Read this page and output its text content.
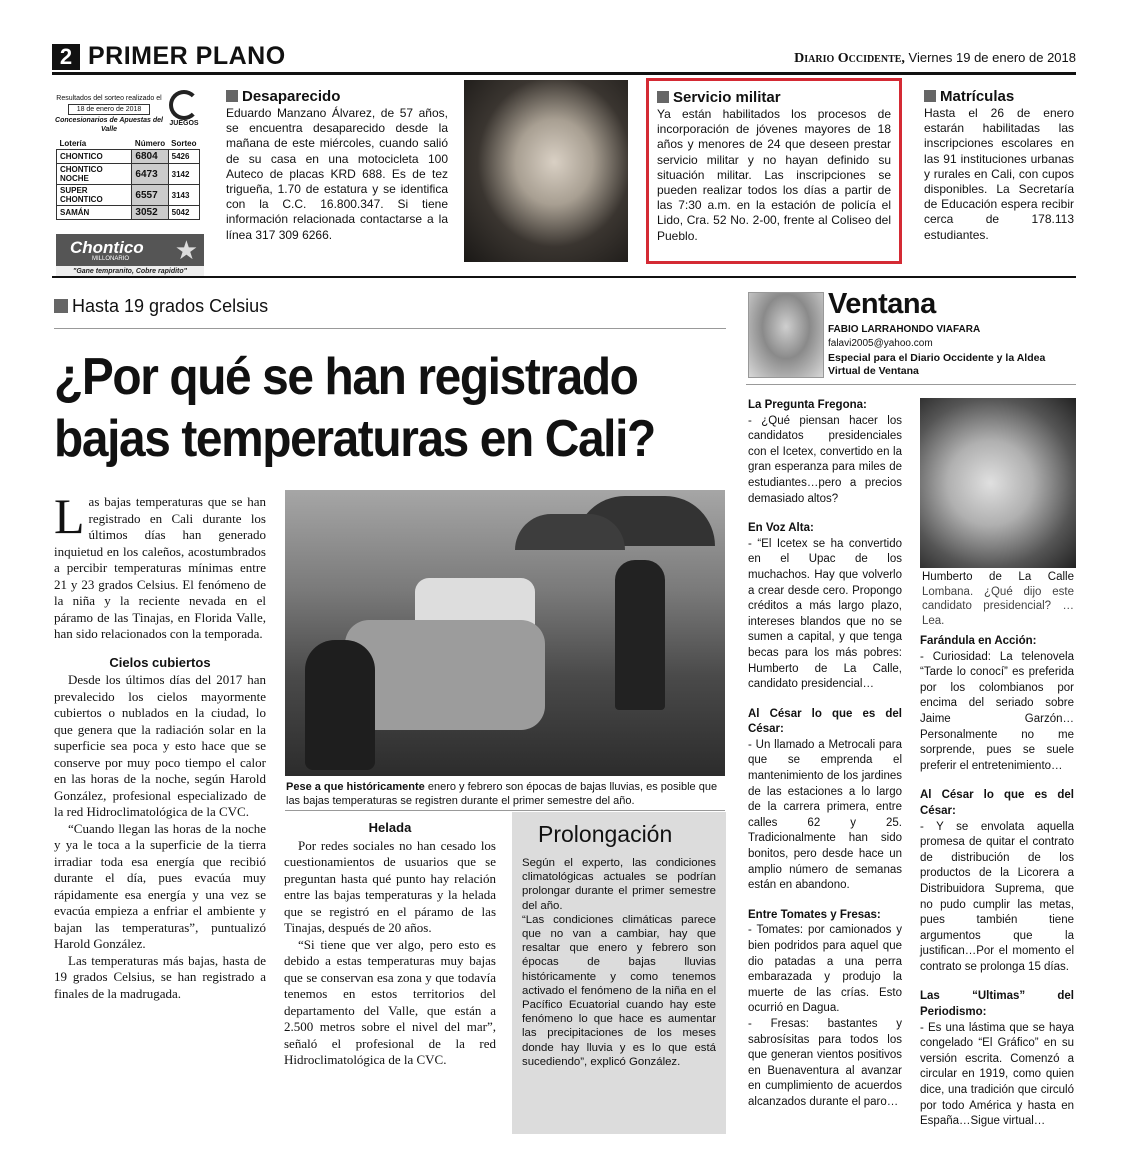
2 PRIMER PLANO	Diario Occidente, Viernes 19 de enero de 2018
Resultados del sorteo realizado el
18 de enero de 2018
Concesionarios de Apuestas del Valle
JUEGOS
Lotería	Número	Sorteo
CHONTICO	6804	5426
CHONTICO NOCHE	6473	3142
SUPER CHONTICO	6557	3143
SAMÁN	3052	5042
Chontico
MILLONARIO ★
"Gane tempranito, Cobre rapidito"
Desaparecido

Eduardo Manzano Álvarez, de 57 años, se encuentra desaparecido desde la mañana de este miércoles, cuando salió de su casa en una motocicleta 100 Auteco de placas KRD 688. Es de tez trigueña, 1.70 de estatura y se identifica con la C.C. 16.800.347. Si tiene información relacionada contactarse a la línea 317 309 6266.

Servicio militar

Ya están habilitados los procesos de incorporación de jóvenes mayores de 18 años y menores de 24 que deseen prestar servicio militar y no hayan definido su situación militar. Las inscripciones se pueden realizar todos los días a partir de las 7:30 a.m. en la estación de policía el Lido, Cra. 52 No. 2-00, frente al Coliseo del Pueblo.

Matrículas

Hasta el 26 de enero estarán habilitadas las inscripciones escolares en las 91 instituciones urbanas y rurales en Cali, con cupos disponibles. La Secretaría de Educación espera recibir cerca de 178.113 estudiantes.

Hasta 19 grados Celsius
¿Por qué se han registrado
bajas temperaturas en Cali?

Las bajas temperaturas que se han registrado en Cali durante los últimos días han generado inquietud en los caleños, acostumbrados a percibir temperaturas mínimas entre 21 y 23 grados Celsius. El fenómeno de la niña y la reciente nevada en el páramo de las Tinajas, en Florida Valle, han sido relacionados con la temporada.

Cielos cubiertos

Desde los últimos días del 2017 han prevalecido los cielos mayormente cubiertos o nublados en la ciudad, lo que genera que la radiación solar en la superficie sea poca y esto hace que se conserve por muy poco tiempo el calor en las horas de la noche, según Harold González, profesional especializado de la red Hidroclimatológica de la CVC.

“Cuando llegan las horas de la noche y ya le toca a la superficie de la tierra irradiar toda esa energía que recibió durante el día, pues evacúa muy rápidamente esa energía y una vez se evacúa empieza a enfriar el ambiente y bajan las temperaturas”, puntualizó Harold González.

Las temperaturas más bajas, hasta de 19 grados Celsius, se han registrado a finales de la madrugada.

Pese a que históricamente enero y febrero son épocas de bajas lluvias, es posible que las bajas temperaturas se registren durante el primer semestre del año.
Helada

Por redes sociales no han cesado los cuestionamientos de usuarios que se preguntan hasta qué punto hay relación entre las bajas temperaturas y la helada que se registró en el páramo de las Tinajas, después de 20 años.

“Si tiene que ver algo, pero esto es debido a estas temperaturas muy bajas que se conservan esa zona y que todavía tenemos en estos territorios del departamento del Valle, que están a 2.500 metros sobre el nivel del mar”, señaló el profesional de la red Hidroclimatológica de la CVC.

Prolongación

Según el experto, las condiciones climatológicas actuales se podrían prolongar durante el primer semestre del año.

“Las condiciones climáticas parece que no van a cambiar, hay que resaltar que enero y febrero son épocas de bajas lluvias históricamente y como tenemos activado el fenómeno de la niña en el Pacífico Ecuatorial cuando hay este fenómeno lo que hace es aumentar las precipitaciones de los meses donde hay lluvia y es lo que está sucediendo”, explicó González.

Ventana
FABIO LARRAHONDO VIAFARA
falavi2005@yahoo.com
Especial para el Diario Occidente y la Aldea Virtual de Ventana
La Pregunta Fregona:
- ¿Qué piensan hacer los candidatos presidenciales con el Icetex, convertido en la gran esperanza para miles de estudiantes…pero a precios demasiado altos?
En Voz Alta:
- “El Icetex se ha convertido en el Upac de los muchachos. Hay que volverlo a crear desde cero. Propongo créditos a más largo plazo, intereses blandos que no se sumen a capital, y que tenga becas para los más pobres: Humberto de La Calle, candidato presidencial…
Al César lo que es del César:
- Un llamado a Metrocali para que se emprenda el mantenimiento de los jardines de las estaciones a lo largo de la carrera primera, entre calles 62 y 25. Tradicionalmente han sido bonitos, pero desde hace un amplio número de semanas están en abandono.
Entre Tomates y Fresas:
- Tomates: por camionados y bien podridos para aquel que dio patadas a una perra embarazada y produjo la muerte de las crías. Esto ocurrió en Dagua.
- Fresas: bastantes y sabrosísitas para todos los que generan vientos positivos en Buenaventura al avanzar en cumplimiento de acuerdos alcanzados durante el paro…
Humberto de La Calle Lombana. ¿Qué dijo este candidato presidencial? …Lea.
Farándula en Acción:
- Curiosidad: La telenovela “Tarde lo conocí” es preferida por los colombianos por encima del seriado sobre Jaime Garzón…Personalmente no me sorprende, pues se suele preferir el entretenimiento…
Al César lo que es del César:
- Y se envolata aquella promesa de quitar el contrato de distribución de los productos de la Licorera a Distribuidora Suprema, que no pudo cumplir las metas, pues también tiene argumentos que la justifican…Por el momento el contrato se prolonga 15 días.
Las “Ultimas” del Periodismo:
- Es una lástima que se haya congelado “El Gráfico” en su versión escrita. Comenzó a circular en 1919, como quien dice, una tradición que circuló por todo América y hasta en España…Sigue virtual…
